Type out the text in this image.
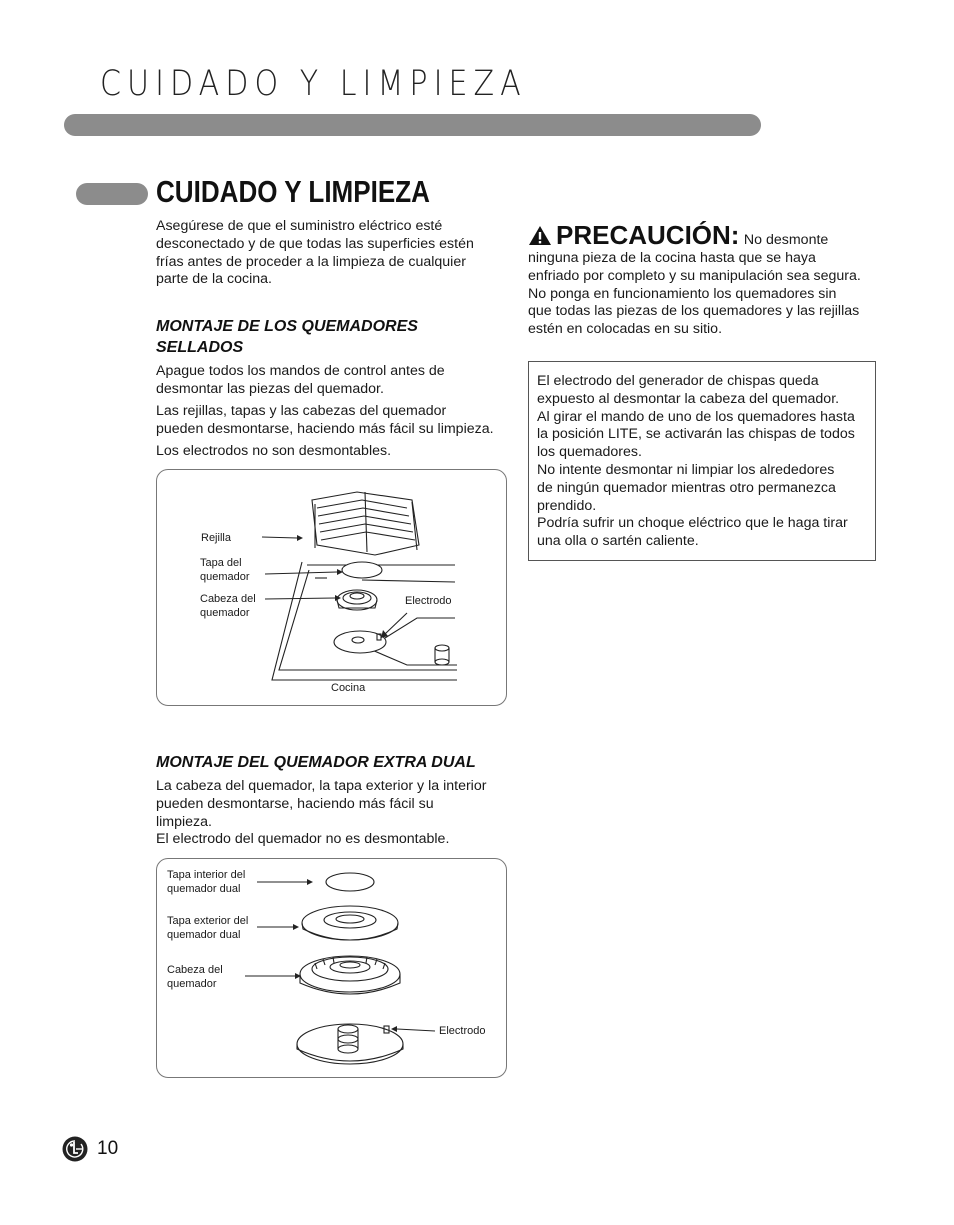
CUIDADO Y LIMPIEZA
CUIDADO Y LIMPIEZA
Asegúrese de que el suministro eléctrico esté
desconectado y de que todas las superficies estén
frías antes de proceder a la limpieza de cualquier
parte de la cocina.
MONTAJE DE LOS QUEMADORES
SELLADOS
Apague todos los mandos de control antes de
desmontar las piezas del quemador.
Las rejillas, tapas y las cabezas del quemador
pueden desmontarse, haciendo más fácil su limpieza.
Los electrodos no son desmontables.
Rejilla
Tapa del
quemador
Cabeza del
quemador
Electrodo
Cocina
MONTAJE DEL QUEMADOR EXTRA DUAL
La cabeza del quemador, la tapa exterior y la interior
pueden desmontarse, haciendo más fácil su
limpieza.
El electrodo del quemador no es desmontable.
Tapa interior del
quemador dual
Tapa exterior del
quemador dual
Cabeza del
quemador
Electrodo
PRECAUCIÓN: No desmonte
ninguna pieza de la cocina hasta que se haya
enfriado por completo y su manipulación sea segura.
No ponga en funcionamiento los quemadores sin
que todas las piezas de los quemadores y las rejillas
estén en colocadas en su sitio.
El electrodo del generador de chispas queda
expuesto al desmontar la cabeza del quemador.
Al girar el mando de uno de los quemadores hasta
la posición LITE, se activarán las chispas de todos
los quemadores.
No intente desmontar ni limpiar los alrededores
de ningún quemador mientras otro permanezca
prendido.
Podría sufrir un choque eléctrico que le haga tirar
una olla o sartén caliente.
10
